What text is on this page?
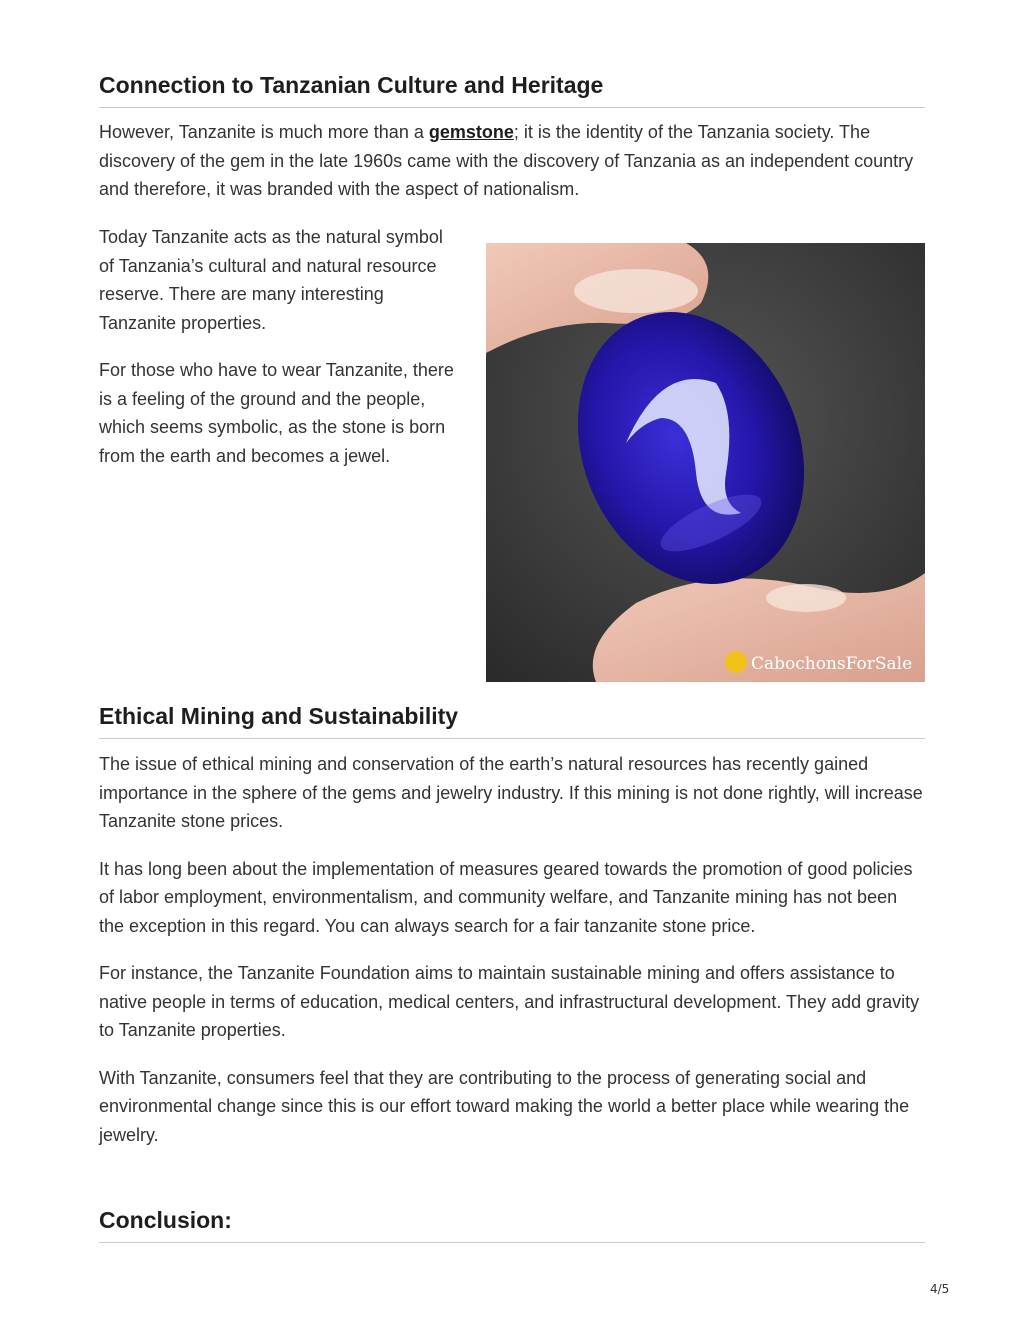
Connection to Tanzanian Culture and Heritage

However, Tanzanite is much more than a gemstone; it is the identity of the Tanzania society. The discovery of the gem in the late 1960s came with the discovery of Tanzania as an independent country and therefore, it was branded with the aspect of nationalism.

Today Tanzanite acts as the natural symbol of Tanzania’s cultural and natural resource reserve. There are many interesting Tanzanite properties.

For those who have to wear Tanzanite, there is a feeling of the ground and the people, which seems symbolic, as the stone is born from the earth and becomes a jewel.

CabochonsForSale
Ethical Mining and Sustainability

The issue of ethical mining and conservation of the earth’s natural resources has recently gained importance in the sphere of the gems and jewelry industry. If this mining is not done rightly, will increase Tanzanite stone prices.

It has long been about the implementation of measures geared towards the promotion of good policies of labor employment, environmentalism, and community welfare, and Tanzanite mining has not been the exception in this regard. You can always search for a fair tanzanite stone price.

For instance, the Tanzanite Foundation aims to maintain sustainable mining and offers assistance to native people in terms of education, medical centers, and infrastructural development. They add gravity to Tanzanite properties.

With Tanzanite, consumers feel that they are contributing to the process of generating social and environmental change since this is our effort toward making the world a better place while wearing the jewelry.

Conclusion:
4/5
